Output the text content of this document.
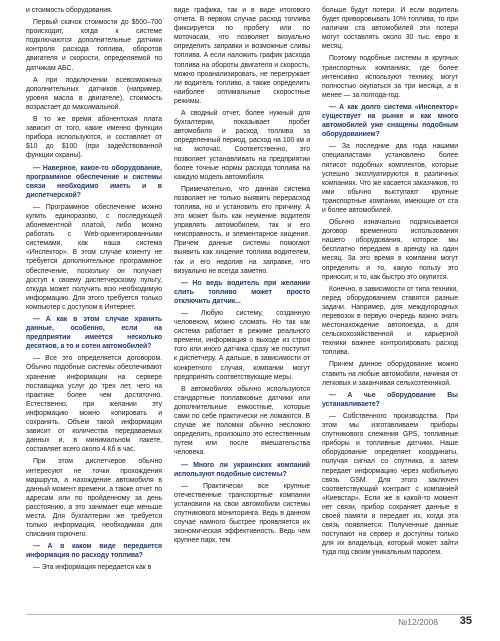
и стоимость оборудования.

Первый скачок стоимости до $500–700 происходит, когда к системе подключаются дополнительные датчики контроля расхода топлива, оборотов двигателя и скорости, определяемой по датчикам АБС.

А при подключении всевозможных дополнительных датчиков (например, уровня масла в двигателе), стоимость возрастает до максимальной.

В то же время абонентская плата зависит от того, какие именно функции прибора используются, и составляет от $10 до $100 (при задействованной функции охраны).

— Наверное, какое-то оборудование, программное обеспечение и системы связи необходимо иметь и в диспетчерской?

— Программное обеспечение можно купить единоразово, с последующей абонементной платой, либо можно работать с Web-ориентированными системами, как наша система «Инспектор». В этом случае клиенту не требуется дополнительное программное обеспечение, поскольку он получает доступ к своему диспетчерскому пульту, откуда может получить всю необходимую информацию. Для этого требуется только компьютер с доступом в Интернет.

— А как в этом случае хранить данные, особенно, если на предприятии имеется несколько десятков, а то и сотен автомобилей?

— Все это определяется договором. Обычно подобные системы обеспечивают хранение информации на сервере поставщика услуг до трех лет, чего на практике более чем достаточно. Естественно, при желании эту информацию можно копировать и сохранять. Объем такой информации зависит от количества передаваемых данных и, в минимальном пакете, составляет всего около 4 Кб в час.

При этом диспетчеров обычно интересуют не точки прохождения маршрута, а нахождение автомобиля в данный момент времени, а также отчет по адресам или по пройденному за день расстоянию, а это занимает еще меньше места. Для бухгалтерии же требуется только информация, необходимая для списания горючего.

— А в каком виде передается информация по расходу топлива?

— Эта информация передается как в

виде графика, так и в виде итогового отчета. В первом случае расход топлива фиксируется по пробегу или по моточасам, что позволяет визуально определить заправки и возможные сливы топлива. А если наложить график расхода топлива на обороты двигателя и скорость, можно проанализировать, не перегружает ли водитель топливо, а также определить наиболее оптимальные скоростные режимы.

А сводный отчет, более нужный для бухгалтерии, показывает пробег автомобиля и расход топлива за определенный период, расход на 100 км и на моточас. Соответственно, это позволяет устанавливать на предприятии более точные нормы расхода топлива на каждую модель автомобиля.

Примечательно, что данная система позволяет не только выявить перерасход топлива, но и установить его причину. А это может быть как неумение водителя управлять автомобилем, так и его неисправность, и элементарное хищение. Причем данные системы помогают выявить как хищение топлива водителем, так и его недолив на заправке, что визуально не всегда заметно.

— Но ведь водитель при желании слить топливо может просто отключить датчик...

— Любую систему, созданную человеком, можно сломать. Но так как система работает в режиме реального времени, информация о выходе из строя того или иного датчика сразу же поступит к диспетчеру. А дальше, в зависимости от конкретного случая, компании могут предпринять соответствующие меры.

В автомобилях обычно используются стандартные поплавковые датчики или дополнительные емкостные, которые сами по себе практически не ломаются. В случае же поломки обычно несложно определить, произошло это естественным путем или после вмешательства человека.

— Много ли украинских компаний используют подобные системы?

— Практически все крупные отечественные транспортные компании установили на свои автомобили системы спутникового мониторинга. Ведь в данном случае намного быстрее проявляется их экономическая эффективность. Ведь чем крупнее парк, тем

больше будут потери. И если водитель будет приворовывать 10% топлива, то при наличии ста автомобилей эти потери могут составлять около 30 тыс. евро в месяц.

Поэтому подобные системы в крупных транспортных компаниях, где более интенсивно используют технику, могут полностью окупаться за три месяца, а в менее — за полгода-год.

— А как долго система «Инспектор» существует на рынке и как много автомобилей уже снащены подобным оборудованием?

— За последние два года нашими специалистами установлено более пятисот подобных комплектов, которые успешно эксплуатируются в различных компаниях. Что же касается заказчиков, то ими обычно выступают крупные транспортные компании, имеющие от ста и более автомобилей.

Обычно изначально подписывается договор временного использования нашего оборудования, которое мы бесплатно передаем в аренду на один месяц. За это время в компании могут определить и то, какую пользу это приносит, и то, как быстро это окупится.

Конечно, в зависимости от типа техники, перед оборудованием ставятся разные задачи. Например, для междугородных перевозок в первую очередь важно знать местонахождение автопоезда, а для сельскохозяйственной и карьерной техники важнее контролировать расход топлива.

Причем данное оборудование можно ставить на любые автомобили, начиная от легковых и заканчивая сельхозтехникой.

— А чье оборудование Вы устанавливаете?

— Собственного производства. При этом мы изготавливаем приборы спутникового слежения GPS, топливные приборы и топливные датчики. Наше оборудование определяет координаты, получая сигнал со спутника, а затем передает информацию через мобильную связь GSM. Для этого заключен соответствующий контракт с компанией «Киевстар». Если же в какой-то момент нет связи, прибор сохраняет данные в своей памяти и передает их, когда эта связь появляется. Полученные данные поступают на сервер и доступны только для их владельца, который может зайти туда под своим уникальным паролем.

№12/2008 35
